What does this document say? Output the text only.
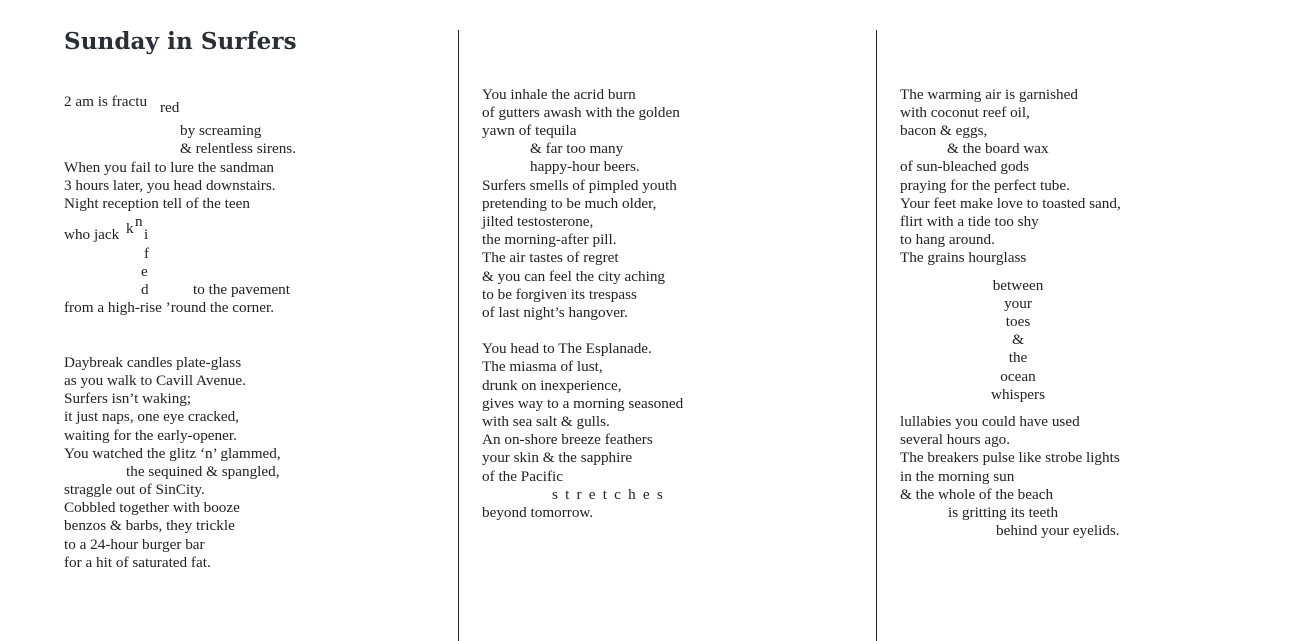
Sunday in Surfers
2 am is fractu red
by screaming
& relentless sirens.
When you fail to lure the sandman
3 hours later, you head downstairs.
Night reception tell of the teen
who jack k n
i
f
e
d	to the pavement
from a high-rise ’round the corner.
Daybreak candles plate-glass
as you walk to Cavill Avenue.
Surfers isn’t waking;
it just naps, one eye cracked,
waiting for the early-opener.
You watched the glitz ‘n’ glammed,
the sequined & spangled,
straggle out of SinCity.
Cobbled together with booze
benzos & barbs, they trickle
to a 24-hour burger bar
for a hit of saturated fat.
You inhale the acrid burn
of gutters awash with the golden
yawn of tequila
& far too many
happy-hour beers.
Surfers smells of pimpled youth
pretending to be much older,
jilted testosterone,
the morning-after pill.
The air tastes of regret
& you can feel the city aching
to be forgiven its trespass
of last night’s hangover.
You head to The Esplanade.
The miasma of lust,
drunk on inexperience,
gives way to a morning seasoned
with sea salt & gulls.
An on-shore breeze feathers
your skin & the sapphire
of the Pacific
stretches
beyond tomorrow.
The warming air is garnished
with coconut reef oil,
bacon & eggs,
& the board wax
of sun-bleached gods
praying for the perfect tube.
Your feet make love to toasted sand,
flirt with a tide too shy
to hang around.
The grains hourglass
between
your
toes
&
the
ocean
whispers
lullabies you could have used
several hours ago.
The breakers pulse like strobe lights
in the morning sun
& the whole of the beach
is gritting its teeth
behind your eyelids.
